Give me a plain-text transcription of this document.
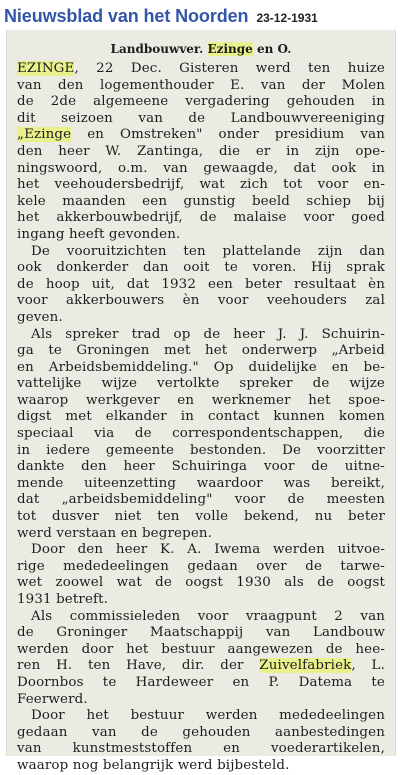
Nieuwsblad van het Noorden 23-12-1931
Landbouwver. Ezinge en O.
EZINGE, 22 Dec. Gisteren werd ten huize
van den logementhouder E. van der Molen
de 2de algemeene vergadering gehouden in
dit seizoen van de Landbouwvereeniging
„Ezinge en Omstreken" onder presidium van
den heer W. Zantinga, die er in zijn ope-
ningswoord, o.m. van gewaagde, dat ook in
het veehoudersbedrijf, wat zich tot voor en-
kele maanden een gunstig beeld schiep bij
het akkerbouwbedrijf, de malaise voor goed
ingang heeft gevonden.
De vooruitzichten ten plattelande zijn dan
ook donkerder dan ooit te voren. Hij sprak
de hoop uit, dat 1932 een beter resultaat èn
voor akkerbouwers èn voor veehouders zal
geven.
Als spreker trad op de heer J. J. Schuirin-
ga te Groningen met het onderwerp „Arbeid
en Arbeidsbemiddeling." Op duidelijke en be-
vattelijke wijze vertolkte spreker de wijze
waarop werkgever en werknemer het spoe-
digst met elkander in contact kunnen komen
speciaal via de correspondentschappen, die
in iedere gemeente bestonden. De voorzitter
dankte den heer Schuiringa voor de uitne-
mende uiteenzetting waardoor was bereikt,
dat „arbeidsbemiddeling" voor de meesten
tot dusver niet ten volle bekend, nu beter
werd verstaan en begrepen.
Door den heer K. A. Iwema werden uitvoe-
rige mededeelingen gedaan over de tarwe-
wet zoowel wat de oogst 1930 als de oogst
1931 betreft.
Als commissieleden voor vraagpunt 2 van
de Groninger Maatschappij van Landbouw
werden door het bestuur aangewezen de hee-
ren H. ten Have, dir. der Zuivelfabriek, L.
Doornbos te Hardeweer en P. Datema te
Feerwerd.
Door het bestuur werden mededeelingen
gedaan van de gehouden aanbestedingen
van kunstmeststoffen en voederartikelen,
waarop nog belangrijk werd bijbesteld.
